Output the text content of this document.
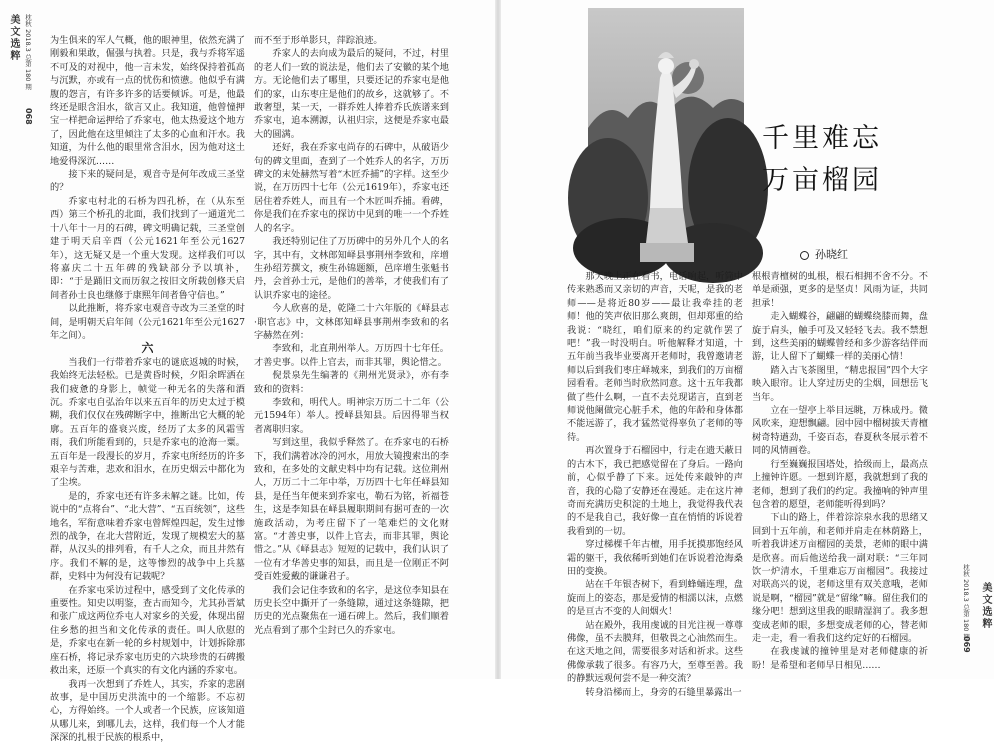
美文选粹 枕秋 2018.3 总第 180 期
068
枕秋 2018.3 总第 180 期 美文选粹
069

为生俱来的军人气概，他的眼神里，依然充满了刚毅和果敢，倔强与执着。只是，我与乔将军遥不可及的对视中，他一言未发，始终保持着孤高与沉默，亦或有一点的忧伤和愤懑。他似乎有满腹的怨言，有许多许多的话要倾诉。可是，他最终还是眼含泪水，欲言又止。我知道，他曾憧押宝一样把命运押给了乔家屯，他太热爱这个地方了，因此他在这里倾注了太多的心血和汗水。我知道，为什么他的眼里常含泪水，因为他对这土地爱得深沉……

接下来的疑问是，观音寺是何年改成三圣堂的？

乔家屯村北的石桥为四孔桥，在（从东至西）第三个桥孔的北面，我们找到了一通道光二十八年十一月的石碑，碑文明确记载，三圣堂创建于明天启辛酉（公元1621年至公元1627年），这无疑又是一个重大发现。这样我们可以将嘉庆二十五年碑的残缺部分予以填补，即：“于是踊旧文而历叙之按旧文所载创修天启间者孙士良也继修于康熙年间者鲁守信也。”

以此推断，将乔家屯观音寺改为三圣堂的时间，是明朝天启年间（公元1621年至公元1627年之间）。

六

当我们一行带着乔家屯的谜底返城的时候，我始终无法轻松。已是黄昏时候，夕阳余晖洒在我们疲惫的身影上，帧觉一种无名的失落和酒沉。乔家屯自弘治年以来五百年的历史太过于模糊，我们仅仅在残碑断字中，推断出它大概的轮廓。五百年的盛衰兴废，经历了太多的风霜雪雨，我们所能看到的，只是乔家屯的沧海一粟。五百年是一段漫长的岁月，乔家屯所经历的许多艰辛与苦难，悲欢和泪水，在历史烟云中都化为了尘埃。

是的，乔家屯还有许多未解之谜。比如，传说中的“点将台”、“北大营”、“五百统领”，这些地名，军衔意味着乔家屯曾辉煌四起，发生过惨烈的战争，在北大营附近，发现了规模宏大的墓群，从汉头的排列看，有千人之众，而且井然有序。我们不解的是，这等惨烈的战争中上兵墓群，史料中为何没有记载呢？

在乔家屯采访过程中，感受到了文化传承的重要性。知史以明鉴，查古而知今，尤其孙晋斌和张广成这两位乔屯人对家乡的关爱，体现出留住乡愁的担当和文化传承的责任。叫人欣慰的是，乔家屯在新一轮的乡村规划中，计划拆除那座石桥，将记录乔家屯历史的六块珍贵的石碑搬救出来，还原一个真实的有文化内涵的乔家屯。

我再一次想到了乔姓人，其实，乔家的悲剧故事，是中国历史洪流中的一个缩影。不忘初心，方得始终。一个人或者一个民族，应该知道从哪儿来，到哪儿去，这样，我们每一个人才能深深的扎根于民族的根系中，

而不至于形单影只，萍踪浪迹。

乔家人的去向成为最后的疑问，不过，村里的老人们一致的说法是，他们去了安徽的某个地方。无论他们去了哪里，只要还记的乔家屯是他们的家，山东枣庄是他们的故乡，这就够了。不敢奢望，某一天，一群乔姓人捧着乔氏族谱来到乔家屯，追本溯源，认祖归宗，这便是乔家屯最大的圆满。

还好，我在乔家屯尚存的石碑中，从破语少句的碑文里面，查到了一个姓乔人的名字，万历碑文的末处赫然写着“木匠乔捕”的字样。这至少说，在万历四十七年（公元1619年），乔家屯还居住着乔姓人，而且有一个木匠叫乔捕。看碑，你是我们在乔家屯的探访中见到的唯一一个乔姓人的名字。

我还特别记住了万历碑中的另外几个人的名字，其中有，文林郎知峄县事荆州李致和，庠增生孙绍芳撰文，瘐生孙锦题额，邑庠增生张魁书丹，会首孙士元，是他们的善举，才使我们有了认识乔家屯的途径。

今人欣喜的是，乾隆二十六年版的《峄县志·职官志》中，文林郎知峄县事荆州李致和的名字赫然在列：

李致和，北直荆州举人。万历四十七年任。才善史事。以件上官去，而非其罪，舆论惜之。

倪景泉先生编著的《荆州光贤录》，亦有李致和的资料：

李致和，明代人。明神宗万历二十二年（公元1594年）举人。授峄县知县。后因得罪当权者离职归家。

写到这里，我似乎释然了。在乔家屯的石桥下，我们满着冰冷的河水，用放大镜搜索出的李致和，在多处的文献史料中均有记载。这位荆州人，万历二十二年中举，万历四十七年任峄县知县，是任当年便来到乔家屯，勒石为铭，祈福苍生，这是李知县在峄县履职期间有据可查的一次施政活动，为考庄留下了一笔难烂的文化财富。“才善史事，以件上官去，而非其罪，舆论惜之。”从《峄县志》短短的记载中，我们认识了一位有才华善史事的知县，而且是一位刚正不阿受百姓爱戴的谦谦君子。

我们会记住李致和的名字，是这位李知县在历史长空中撕开了一条缝隙，通过这条缝隙，把历史的光点聚焦在一通石碑上。然后，我们顺着光点看到了那个尘封已久的乔家屯。

千里难忘
万亩榴园
孙晓红

那天晚上正在看书，电话响起，听筒中传来熟悉而又亲切的声音，天呢，是我的老师——是将近80岁——最让我牵挂的老师！他的笑声依旧那么爽朗，但却郑重的给我说：“晓红，咱们原来的约定就作罢了吧！”我一时没明白。听他解释才知道，十五年前当我毕业要离开老师时，我曾邀请老师以后到我们枣庄峄城来，到我们的万亩榴园看看。老师当时欣然同意。这十五年我都做了些什么啊，一直不去兑现诺言，直到老师说他阑做完心脏手术，他的年龄和身体都不能远游了，我才猛然觉得辜负了老师的等待。

再次置身于石榴园中，行走在遗天蔽日的古木下，我已把感觉留在了身后。一路向前，心似乎静了下来。远处传来敲钟的声音，我的心隐了安静还在漫延。走在这片神奇而充满历史积淀的土地上，我觉得我代表的不是我自己，我好像一直在悄悄的诉说着我看到的一切。

穿过梯棵千年古檀，用手抚摸那饱经风霜的躯干，我依稀听到她们在诉说着沧海桑田的变换。

站在千年银杏树下，看到蜂蛹连理，盘旋而上的姿态，那是爱情的相濡以沫，点燃的是亘古不变的人间烟火！

站在殿外，我用虔诚的目光注视一尊尊佛像，虽不去膜拜，但敬畏之心油然而生。在这天地之间，需要很多对话和祈求。这些佛像承载了很多。有容乃大，至尊至善。我的静默远观何尝不是一种交流？

转身沿梯而上，身旁的石缝里暴露出一

根根青檀树的虬根，根石相拥不舍不分。不单是顽强，更多的是坚贞！风雨为证，共同担承！

走入蝴蝶谷，翩翩的蝴蝶绕膝而舞，盘旋于肩头，触手可及又轻轻飞去。我不禁想到，这些美丽的蝴蝶曾经和多少游客结伴而游，让人留下了蝴蝶一样的美丽心情！

踏入古飞茶图里，“精忠报国”四个大字映入眼帘。让人穿过历史的尘烟，回想岳飞当年。

立在一望亭上举目远眺，万株成丹。微风吹来，迎想飘翩。园中园中榴树拔天青檀树奇特遒劲，千姿百态，春夏秋冬展示着不同的风情画卷。

行至巍巍报国塔处，拾级而上，最高点上撞钟许愿。一想到许愿，我就想到了我的老师，想到了我们的约定。我撞响的钟声里包含着的愿望，老师能听得到吗？

下山的路上，伴着淙淙泉水我的思绪又回到十五年前，和老师并肩走在林荫路上，听着我讲述万亩榴园的美景，老师的眼中满是欣喜。而后他送给我一副对联：“三年同饮一炉清水，千里难忘万亩榴园”。我接过对联高兴的说，老师这里有双关意哦，老师说是啊，“榴园”就是“留缘”嘛。留住我们的缘分吧！想到这里我的眼睛湿润了。我多想变成老师的眼，多想变成老师的心，替老师走一走，看一看我们这约定好的石榴园。

在我虔诚的撞钟里是对老师健康的祈盼！是希望和老师早日相见……
